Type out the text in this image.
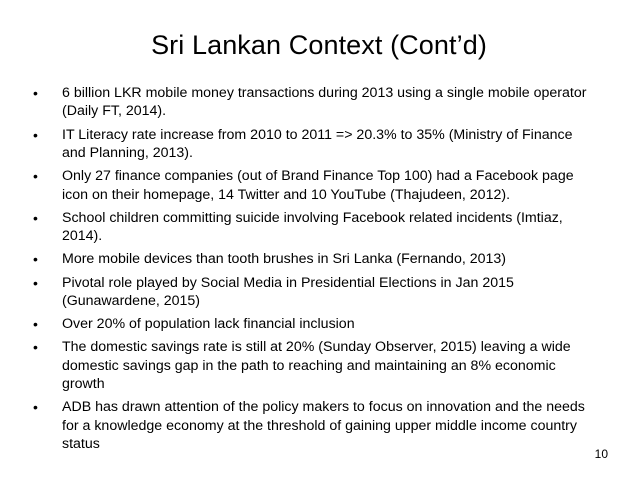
Sri Lankan Context (Cont’d)
•	6 billion LKR mobile money transactions during 2013 using a single mobile operator (Daily FT, 2014).
•	IT Literacy rate increase from 2010 to 2011 => 20.3% to 35% (Ministry of Finance and Planning, 2013).
•	Only 27 finance companies (out of Brand Finance Top 100) had a Facebook page icon on their homepage, 14 Twitter and 10 YouTube (Thajudeen, 2012).
•	School children committing suicide involving Facebook related incidents (Imtiaz, 2014).
•	More mobile devices than tooth brushes in Sri Lanka (Fernando, 2013)
•	Pivotal role played by Social Media in Presidential Elections in Jan 2015 (Gunawardene, 2015)
•	Over 20% of population lack financial inclusion
•	The domestic savings rate is still at 20% (Sunday Observer, 2015) leaving a wide domestic savings gap in the path to reaching and maintaining an 8% economic growth
•	ADB has drawn attention of the policy makers to focus on innovation and the needs for a knowledge economy at the threshold of gaining upper middle income country status
10
